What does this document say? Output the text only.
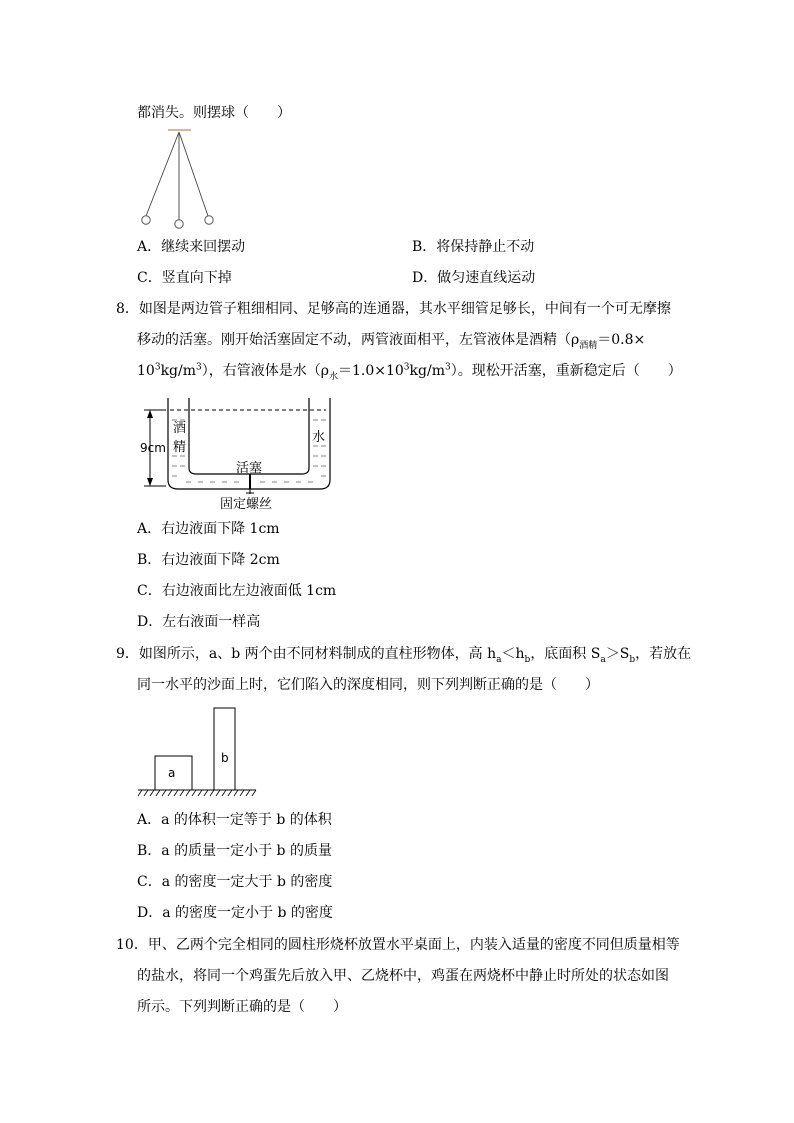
都消失。则摆球（　　）
A．继续来回摆动	B．将保持静止不动
C．竖直向下掉	D．做匀速直线运动
8．如图是两边管子粗细相同、足够高的连通器，其水平细管足够长，中间有一个可无摩擦
移动的活塞。刚开始活塞固定不动，两管液面相平，左管液体是酒精（$\rho_{酒精}=0.8\times$
$10^3kg/m^3$），右管液体是水$(\rho_水=1.0\times 10^3kg/m^3)$。现松开活塞，重新稳定后（　　）
9cm
酒
精
水
活塞
固定螺丝
A．右边液面下降 1cm
B．右边液面下降 2cm
C．右边液面比左边液面低 1cm
D．左右液面一样高
9．如图所示，a、b 两个由不同材料制成的直柱形物体，高 $h_a<h_b$，底面积 $S_a>S_b$，若放在
同一水平的沙面上时，它们陷入的深度相同，则下列判断正确的是（　　）
a
b
A．a 的体积一定等于 b 的体积
B．a 的质量一定小于 b 的质量
C．a 的密度一定大于 b 的密度
D．a 的密度一定小于 b 的密度
10．甲、乙两个完全相同的圆柱形烧杯放置水平桌面上，内装入适量的密度不同但质量相等
的盐水，将同一个鸡蛋先后放入甲、乙烧杯中，鸡蛋在两烧杯中静止时所处的状态如图
所示。下列判断正确的是（　　）
